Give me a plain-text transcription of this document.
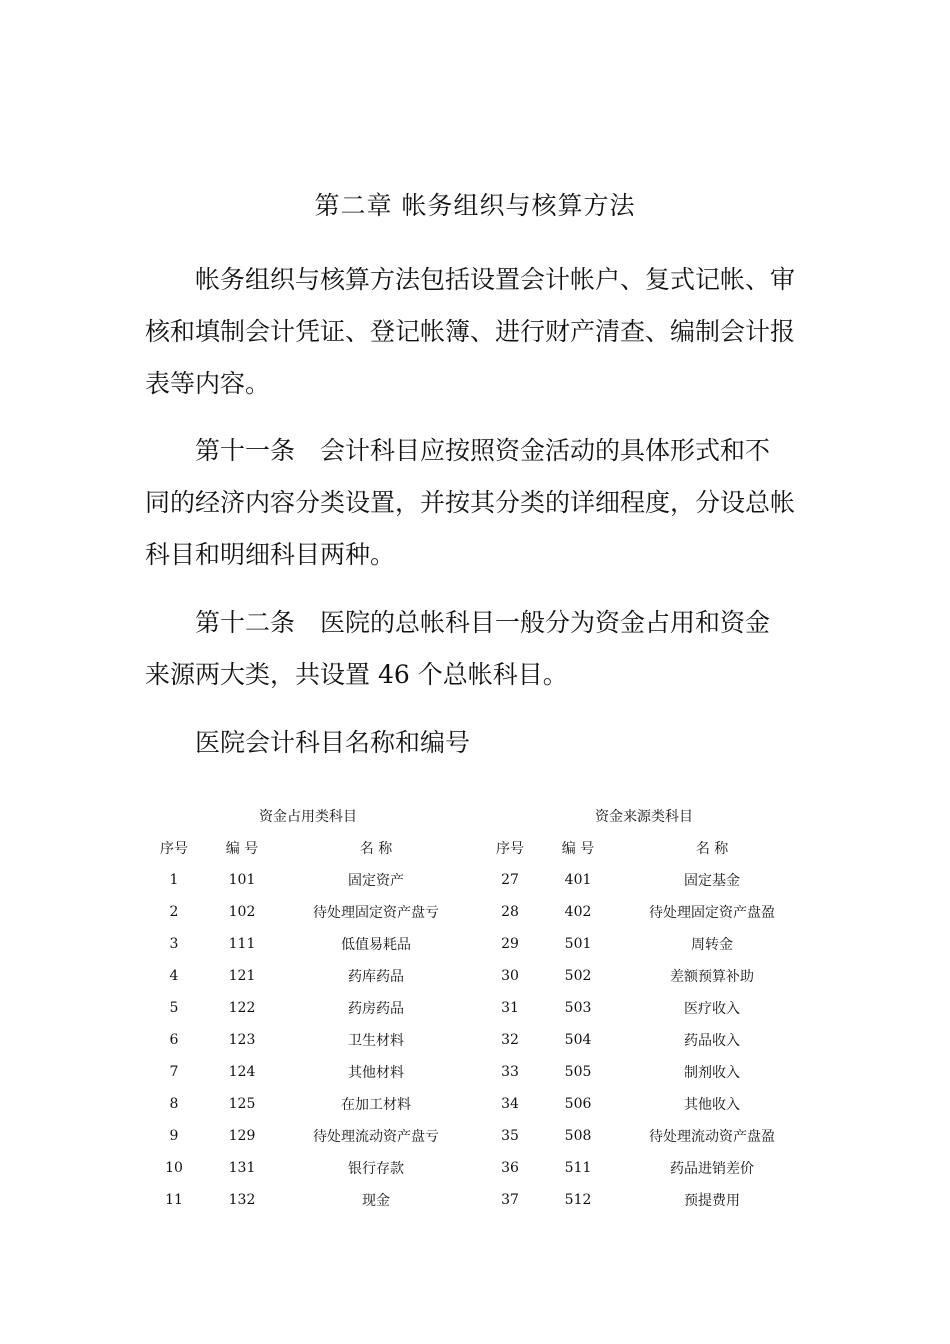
第二章 帐务组织与核算方法

帐务组织与核算方法包括设置会计帐户、复式记帐、审
核和填制会计凭证、登记帐簿、进行财产清查、编制会计报
表等内容。

第十一条　会计科目应按照资金活动的具体形式和不
同的经济内容分类设置，并按其分类的详细程度，分设总帐
科目和明细科目两种。

第十二条　医院的总帐科目一般分为资金占用和资金
来源两大类，共设置 46 个总帐科目。

医院会计科目名称和编号

资金占用类科目			资金来源类科目		
序号	编 号	名 称	序号	编 号	名 称
1	101	固定资产	27	401	固定基金
2	102	待处理固定资产盘亏	28	402	待处理固定资产盘盈
3	111	低值易耗品	29	501	周转金
4	121	药库药品	30	502	差额预算补助
5	122	药房药品	31	503	医疗收入
6	123	卫生材料	32	504	药品收入
7	124	其他材料	33	505	制剂收入
8	125	在加工材料	34	506	其他收入
9	129	待处理流动资产盘亏	35	508	待处理流动资产盘盈
10	131	银行存款	36	511	药品进销差价
11	132	现金	37	512	预提费用
